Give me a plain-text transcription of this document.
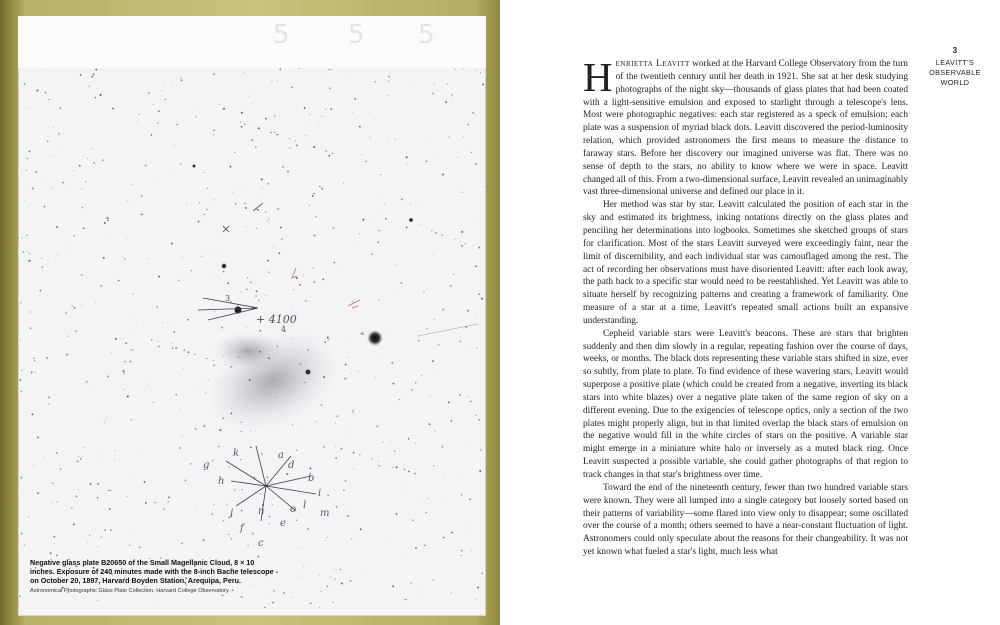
5 5 5
+ 4100
3
4
k	a
b
d
g
h
i
l
m
c
e
f
j	o
n

Negative glass plate B20650 of the Small Magellanic Cloud, 8 × 10 inches. Exposure of 240 minutes made with the 8-inch Bache telescope on October 20, 1897, Harvard Boyden Station, Arequipa, Peru.

Astronomical Photographic Glass Plate Collection, Harvard College Observatory.

3
LEAVITT'S
OBSERVABLE
WORLD

Henrietta Leavitt worked at the Harvard College Observatory from the turn of the twentieth century until her death in 1921. She sat at her desk studying photographs of the night sky—thousands of glass plates that had been coated with a light-sensitive emulsion and exposed to starlight through a telescope's lens. Most were photographic negatives: each star registered as a speck of emulsion; each plate was a suspension of myriad black dots. Leavitt discovered the period-luminosity relation, which provided astronomers the first means to measure the distance to faraway stars. Before her discovery our imagined universe was flat. There was no sense of depth to the stars, no ability to know where we were in space. Leavitt changed all of this. From a two-dimensional surface, Leavitt revealed an unimaginably vast three-dimensional universe and defined our place in it.

Her method was star by star. Leavitt calculated the position of each star in the sky and estimated its brightness, inking notations directly on the glass plates and penciling her determinations into logbooks. Sometimes she sketched groups of stars for clarification. Most of the stars Leavitt surveyed were exceedingly faint, near the limit of discernibility, and each individual star was camouflaged among the rest. The act of recording her observations must have disoriented Leavitt: after each look away, the path back to a specific star would need to be reestablished. Yet Leavitt was able to situate herself by recognizing patterns and creating a framework of familiarity. One measure of a star at a time, Leavitt's repeated small actions built an expansive understanding.

Cepheid variable stars were Leavitt's beacons. These are stars that brighten suddenly and then dim slowly in a regular, repeating fashion over the course of days, weeks, or months. The black dots representing these variable stars shifted in size, ever so subtly, from plate to plate. To find evidence of these wavering stars, Leavitt would superpose a positive plate (which could be created from a negative, inverting its black stars into white blazes) over a negative plate taken of the same region of sky on a different evening. Due to the exigencies of telescope optics, only a section of the two plates might properly align, but in that limited overlap the black stars of emulsion on the negative would fill in the white circles of stars on the positive. A variable star might emerge in a miniature white halo or inversely as a muted black ring. Once Leavitt suspected a possible variable, she could gather photographs of that region to track changes in that star's brightness over time.

Toward the end of the nineteenth century, fewer than two hundred variable stars were known. They were all lumped into a single category but loosely sorted based on their patterns of variability—some flared into view only to disappear; some oscillated over the course of a month; others seemed to have a near-constant fluctuation of light. Astronomers could only speculate about the reasons for their changeability. It was not yet known what fueled a star's light, much less what
